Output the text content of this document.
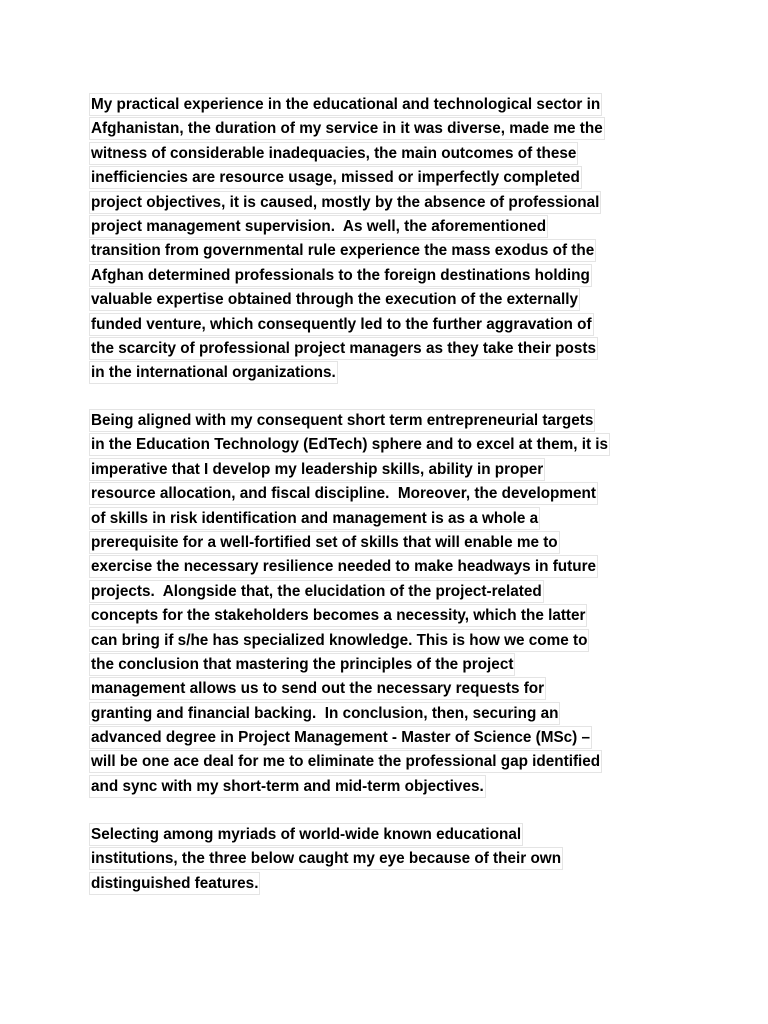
My practical experience in the educational and technological sector in
Afghanistan, the duration of my service in it was diverse, made me the
witness of considerable inadequacies, the main outcomes of these
inefficiencies are resource usage, missed or imperfectly completed
project objectives, it is caused, mostly by the absence of professional
project management supervision.  As well, the aforementioned
transition from governmental rule experience the mass exodus of the
Afghan determined professionals to the foreign destinations holding
valuable expertise obtained through the execution of the externally
funded venture, which consequently led to the further aggravation of
the scarcity of professional project managers as they take their posts
in the international organizations.
Being aligned with my consequent short term entrepreneurial targets
in the Education Technology (EdTech) sphere and to excel at them, it is
imperative that I develop my leadership skills, ability in proper
resource allocation, and fiscal discipline.  Moreover, the development
of skills in risk identification and management is as a whole a
prerequisite for a well-fortified set of skills that will enable me to
exercise the necessary resilience needed to make headways in future
projects.  Alongside that, the elucidation of the project-related
concepts for the stakeholders becomes a necessity, which the latter
can bring if s/he has specialized knowledge. This is how we come to
the conclusion that mastering the principles of the project
management allows us to send out the necessary requests for
granting and financial backing.  In conclusion, then, securing an
advanced degree in Project Management - Master of Science (MSc) –
will be one ace deal for me to eliminate the professional gap identified
and sync with my short-term and mid-term objectives.
Selecting among myriads of world-wide known educational
institutions, the three below caught my eye because of their own
distinguished features.
